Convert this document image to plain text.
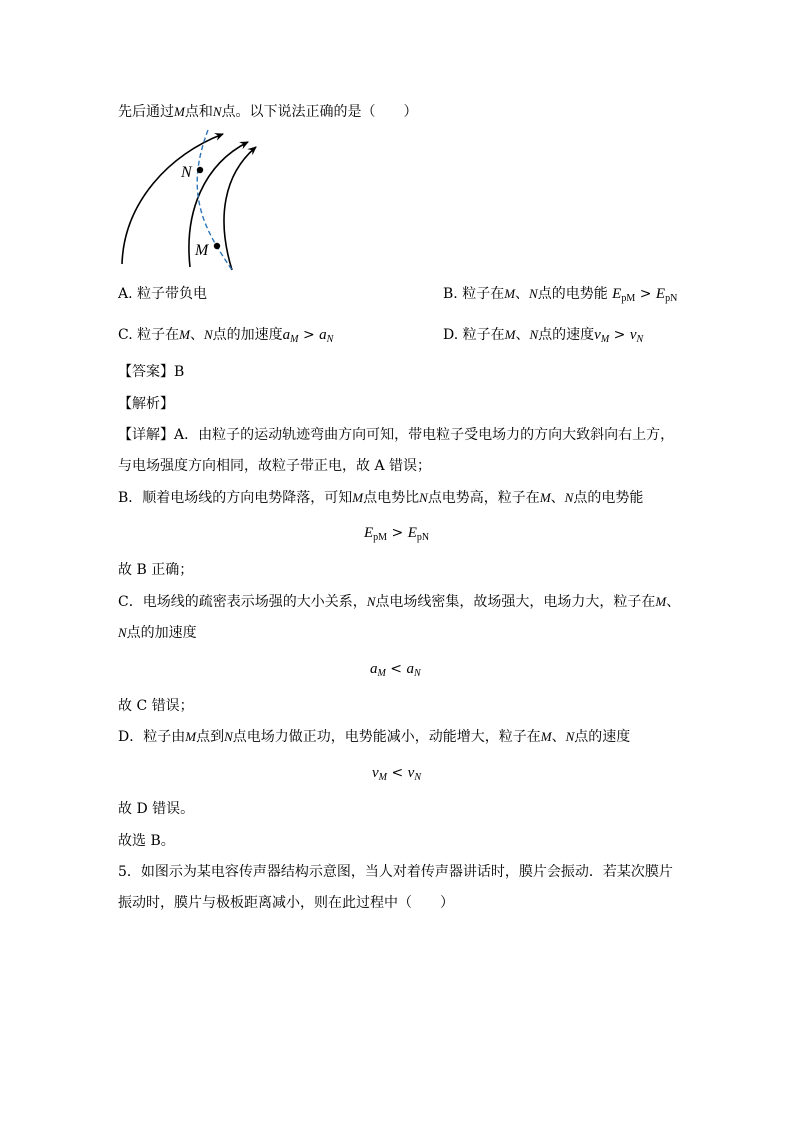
先后通过M点和N点。以下说法正确的是（　　）
N
M
A. 粒子带负电	B. 粒子在M、N点的电势能 $E_{pM} > E_{pN}$
C. 粒子在M、N点的加速度$a_M > a_N$	D. 粒子在M、N点的速度$v_M > v_N$
【答案】B
【解析】
【详解】A．由粒子的运动轨迹弯曲方向可知，带电粒子受电场力的方向大致斜向右上方，
与电场强度方向相同，故粒子带正电，故 A 错误；
B．顺着电场线的方向电势降落，可知M点电势比N点电势高，粒子在M、N点的电势能
$E_{pM} > E_{pN}$
故 B 正确；
C．电场线的疏密表示场强的大小关系，N点电场线密集，故场强大，电场力大，粒子在M、
N点的加速度
$a_M < a_N$
故 C 错误；
D．粒子由M点到N点电场力做正功，电势能减小，动能增大，粒子在M、N点的速度
$v_M < v_N$
故 D 错误。
故选 B。
5．如图示为某电容传声器结构示意图，当人对着传声器讲话时，膜片会振动．若某次膜片
振动时，膜片与极板距离减小，则在此过程中（　　）
